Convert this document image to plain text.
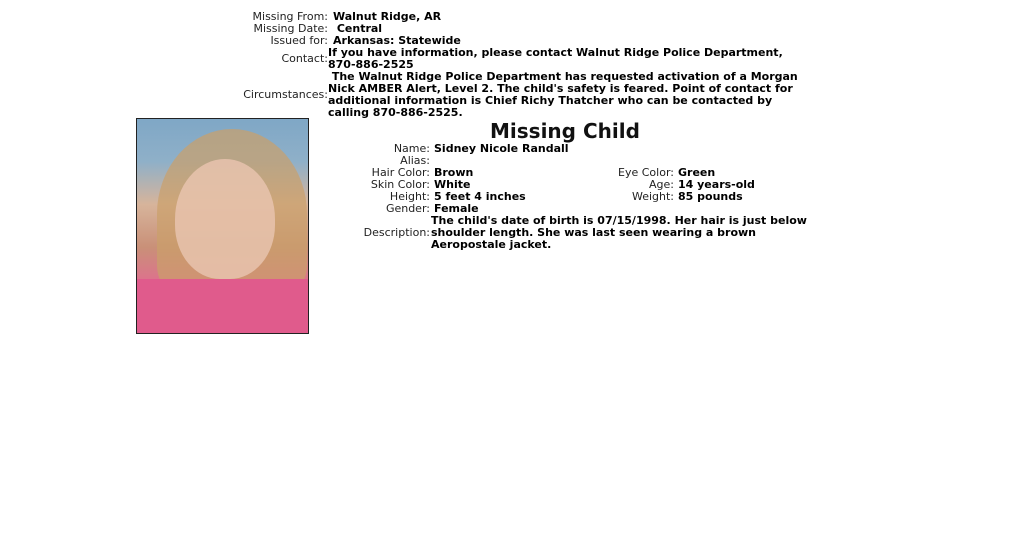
Missing From: Walnut Ridge, AR
Missing Date: Central
Issued for: Arkansas: Statewide
Contact: If you have information, please contact Walnut Ridge Police Department, 870-886-2525
Circumstances:
The Walnut Ridge Police Department has requested activation of a Morgan Nick AMBER Alert, Level 2. The child's safety is feared. Point of contact for additional information is Chief Richy Thatcher who can be contacted by calling 870-886-2525.
Missing Child
Name: Sidney Nicole Randall
Alias:
Hair Color: Brown	Eye Color: Green
Skin Color: White	Age: 14 years-old
Height: 5 feet 4 inches	Weight: 85 pounds
Gender: Female
Description:
The child's date of birth is 07/15/1998. Her hair is just below shoulder length. She was last seen wearing a brown Aeropostale jacket.
